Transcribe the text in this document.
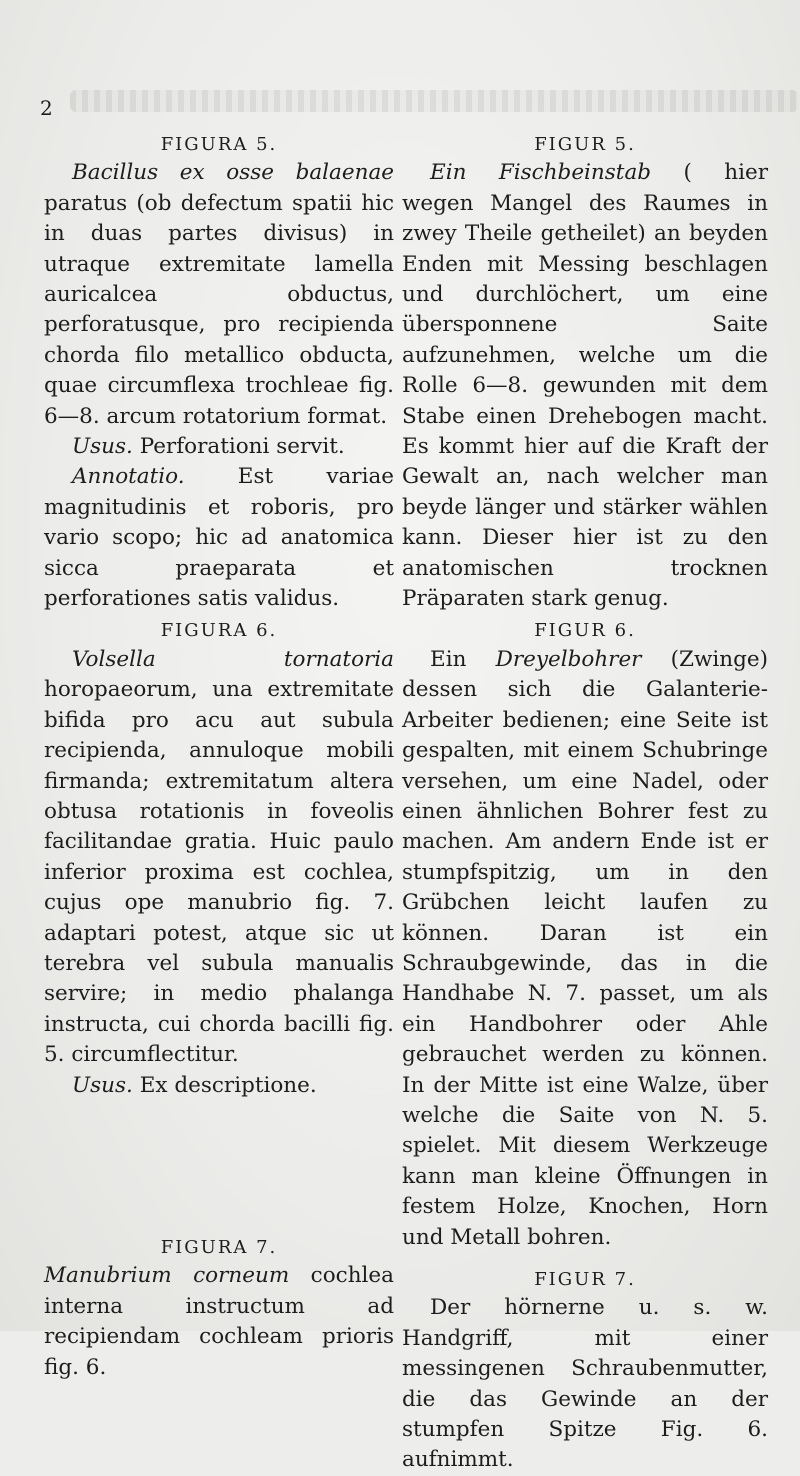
2

FIGURA 5.

Bacillus ex osse balaenae paratus (ob defectum spatii hic in duas partes divisus) in utraque extremitate lamella auricalcea obductus, perforatusque, pro recipienda chorda filo metallico obducta, quae circumflexa trochleae fig. 6—8. arcum rotatorium format.

Usus. Perforationi servit.

Annotatio. Est variae magnitudinis et roboris, pro vario scopo; hic ad anatomica sicca praeparata et perforationes satis validus.

FIGURA 6.

Volsella tornatoria horopaeorum, una extremitate bifida pro acu aut subula recipienda, annuloque mobili firmanda; extremitatum altera obtusa rotationis in foveolis facilitandae gratia. Huic paulo inferior proxima est cochlea, cujus ope manubrio fig. 7. adaptari potest, atque sic ut terebra vel subula manualis servire; in medio phalanga instructa, cui chorda bacilli fig. 5. circumflectitur.

Usus. Ex descriptione.

FIGURA 7.

Manubrium corneum cochlea interna instructum ad recipiendam cochleam prioris fig. 6.

FIGUR 5.

Ein Fischbeinstab ( hier wegen Mangel des Raumes in zwey Theile getheilet) an beyden Enden mit Messing beschlagen und durchlöchert, um eine übersponnene Saite aufzunehmen, welche um die Rolle 6—8. gewunden mit dem Stabe einen Drehebogen macht. Es kommt hier auf die Kraft der Gewalt an, nach welcher man beyde länger und stärker wählen kann. Dieser hier ist zu den anatomischen trocknen Präparaten stark genug.

FIGUR 6.

Ein Dreyelbohrer (Zwinge) dessen sich die Galanterie-Arbeiter bedienen; eine Seite ist gespalten, mit einem Schubringe versehen, um eine Nadel, oder einen ähnlichen Bohrer fest zu machen. Am andern Ende ist er stumpfspitzig, um in den Grübchen leicht laufen zu können. Daran ist ein Schraubgewinde, das in die Handhabe N. 7. passet, um als ein Handbohrer oder Ahle gebrauchet werden zu können. In der Mitte ist eine Walze, über welche die Saite von N. 5. spielet. Mit diesem Werkzeuge kann man kleine Öffnungen in festem Holze, Knochen, Horn und Metall bohren.

FIGUR 7.

Der hörnerne u. s. w. Handgriff, mit einer messingenen Schraubenmutter, die das Gewinde an der stumpfen Spitze Fig. 6. aufnimmt.
